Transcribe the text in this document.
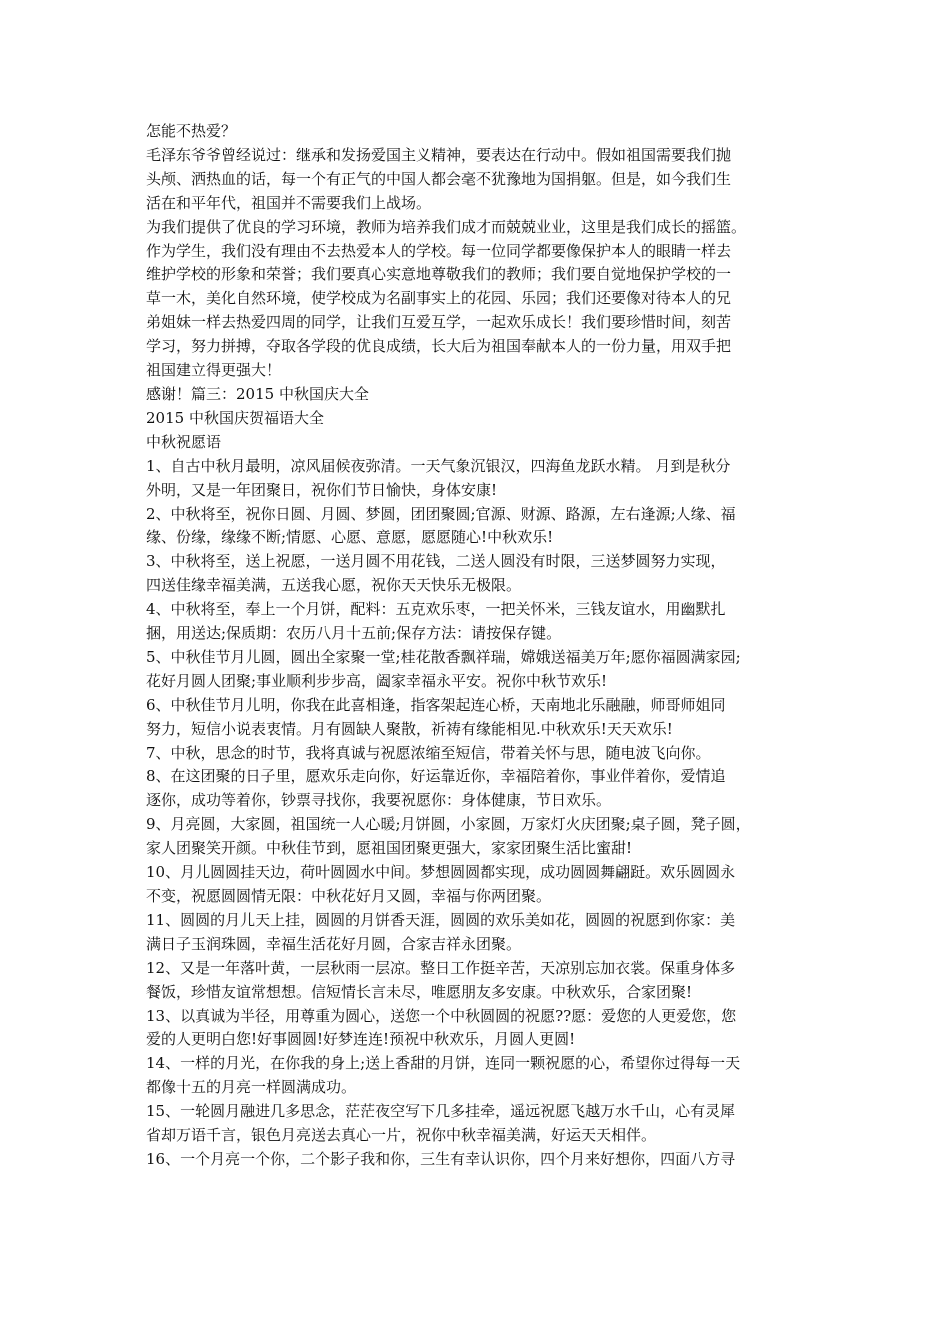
怎能不热爱？

毛泽东爷爷曾经说过：继承和发扬爱国主义精神，要表达在行动中。假如祖国需要我们抛
头颅、洒热血的话，每一个有正气的中国人都会毫不犹豫地为国捐躯。但是，如今我们生
活在和平年代，祖国并不需要我们上战场。

为我们提供了优良的学习环境，教师为培养我们成才而兢兢业业，这里是我们成长的摇篮。
作为学生，我们没有理由不去热爱本人的学校。每一位同学都要像保护本人的眼睛一样去
维护学校的形象和荣誉；我们要真心实意地尊敬我们的教师；我们要自觉地保护学校的一
草一木，美化自然环境，使学校成为名副事实上的花园、乐园；我们还要像对待本人的兄
弟姐妹一样去热爱四周的同学，让我们互爱互学，一起欢乐成长！我们要珍惜时间，刻苦
学习，努力拼搏，夺取各学段的优良成绩，长大后为祖国奉献本人的一份力量，用双手把
祖国建立得更强大！

感谢！篇三：2015 中秋国庆大全

2015 中秋国庆贺福语大全

中秋祝愿语

1、自古中秋月最明，凉风届候夜弥清。一天气象沉银汉，四海鱼龙跃水精。 月到是秋分
外明，又是一年团聚日，祝你们节日愉快，身体安康!

2、中秋将至，祝你日圆、月圆、梦圆，团团聚圆;官源、财源、路源，左右逢源;人缘、福
缘、份缘，缘缘不断;情愿、心愿、意愿，愿愿随心!中秋欢乐!

3、中秋将至，送上祝愿，一送月圆不用花钱，二送人圆没有时限，三送梦圆努力实现，
四送佳缘幸福美满，五送我心愿，祝你天天快乐无极限。

4、中秋将至，奉上一个月饼，配料：五克欢乐枣，一把关怀米，三钱友谊水，用幽默扎
捆，用送达;保质期：农历八月十五前;保存方法：请按保存键。

5、中秋佳节月儿圆，圆出全家聚一堂;桂花散香飘祥瑞，嫦娥送福美万年;愿你福圆满家园;
花好月圆人团聚;事业顺利步步高，阖家幸福永平安。祝你中秋节欢乐!

6、中秋佳节月儿明，你我在此喜相逢，指客架起连心桥，天南地北乐融融，师哥师姐同
努力，短信小说表衷情。月有圆缺人聚散，祈祷有缘能相见.中秋欢乐!天天欢乐!

7、中秋，思念的时节，我将真诚与祝愿浓缩至短信，带着关怀与思，随电波飞向你。

8、在这团聚的日子里，愿欢乐走向你，好运靠近你，幸福陪着你，事业伴着你，爱情追
逐你，成功等着你，钞票寻找你，我要祝愿你：身体健康，节日欢乐。

9、月亮圆，大家圆，祖国统一人心暖;月饼圆，小家圆，万家灯火庆团聚;桌子圆，凳子圆，
家人团聚笑开颜。中秋佳节到，愿祖国团聚更强大，家家团聚生活比蜜甜!

10、月儿圆圆挂天边，荷叶圆圆水中间。梦想圆圆都实现，成功圆圆舞翩跹。欢乐圆圆永
不变，祝愿圆圆情无限：中秋花好月又圆，幸福与你两团聚。

11、圆圆的月儿天上挂，圆圆的月饼香天涯，圆圆的欢乐美如花，圆圆的祝愿到你家：美
满日子玉润珠圆，幸福生活花好月圆，合家吉祥永团聚。

12、又是一年落叶黄，一层秋雨一层凉。整日工作挺辛苦，天凉别忘加衣裳。保重身体多
餐饭，珍惜友谊常想想。信短情长言未尽，唯愿朋友多安康。中秋欢乐，合家团聚!

13、以真诚为半径，用尊重为圆心，送您一个中秋圆圆的祝愿??愿：爱您的人更爱您，您
爱的人更明白您!好事圆圆!好梦连连!预祝中秋欢乐，月圆人更圆!

14、一样的月光，在你我的身上;送上香甜的月饼，连同一颗祝愿的心，希望你过得每一天
都像十五的月亮一样圆满成功。

15、一轮圆月融进几多思念，茫茫夜空写下几多挂牵，遥远祝愿飞越万水千山，心有灵犀
省却万语千言，银色月亮送去真心一片，祝你中秋幸福美满，好运天天相伴。

16、一个月亮一个你，二个影子我和你，三生有幸认识你，四个月来好想你，四面八方寻
